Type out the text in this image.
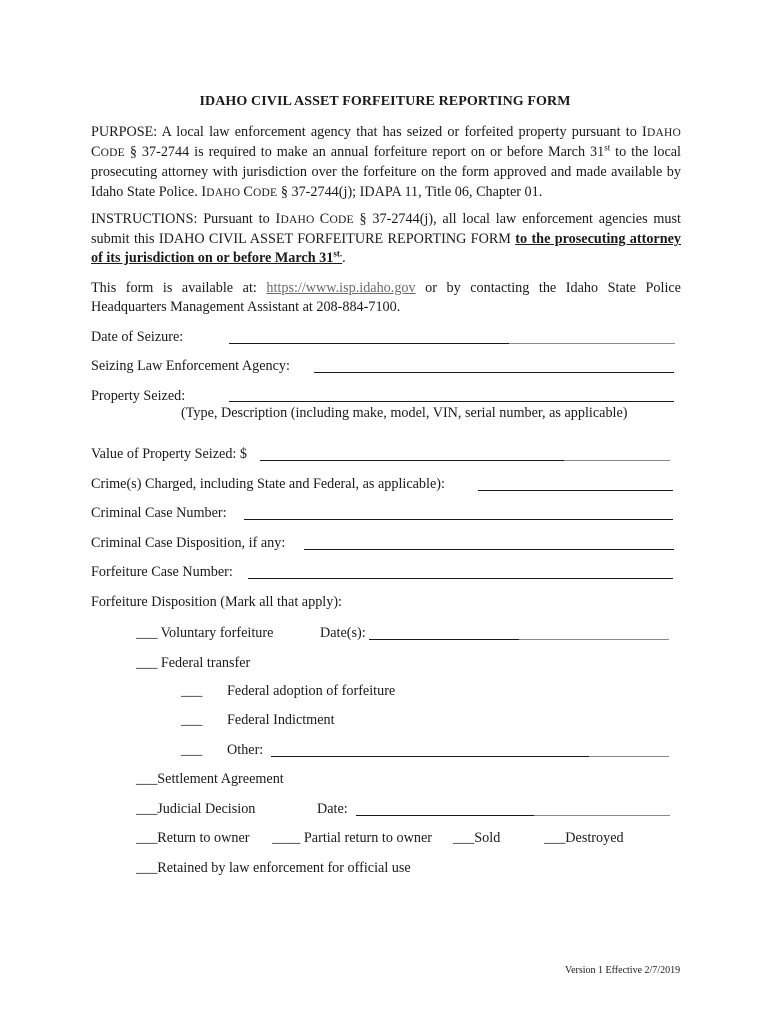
IDAHO CIVIL ASSET FORFEITURE REPORTING FORM
PURPOSE: A local law enforcement agency that has seized or forfeited property pursuant to IDAHO CODE § 37-2744 is required to make an annual forfeiture report on or before March 31st to the local prosecuting attorney with jurisdiction over the forfeiture on the form approved and made available by Idaho State Police. IDAHO CODE § 37-2744(j); IDAPA 11, Title 06, Chapter 01.
INSTRUCTIONS: Pursuant to IDAHO CODE § 37-2744(j), all local law enforcement agencies must submit this IDAHO CIVIL ASSET FORFEITURE REPORTING FORM to the prosecuting attorney of its jurisdiction on or before March $31^{st.}$.
This form is available at: https://www.isp.idaho.gov or by contacting the Idaho State Police Headquarters Management Assistant at 208-884-7100.
Date of Seizure:
Seizing Law Enforcement Agency:
Property Seized:
(Type, Description (including make, model, VIN, serial number, as applicable)
Value of Property Seized: $
Crime(s) Charged, including State and Federal, as applicable):
Criminal Case Number:
Criminal Case Disposition, if any:
Forfeiture Case Number:
Forfeiture Disposition (Mark all that apply):
___ Voluntary forfeiture	Date(s):
___ Federal transfer
___ Federal adoption of forfeiture
___ Federal Indictment
___ Other:
___Settlement Agreement
___Judicial Decision	Date:
___Return to owner ____ Partial return to owner ___Sold	___Destroyed
___Retained by law enforcement for official use
Version 1 Effective 2/7/2019
